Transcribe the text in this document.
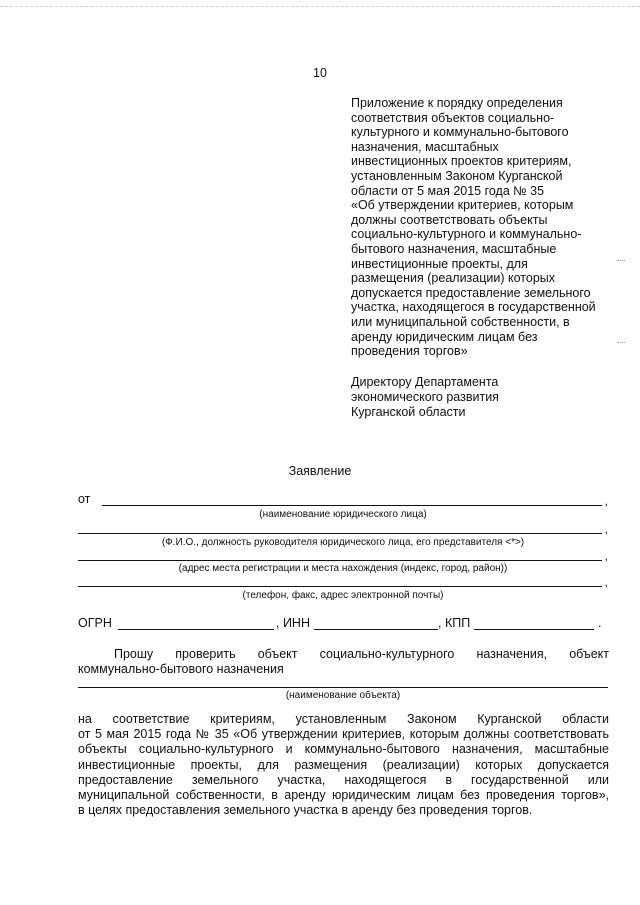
10
Приложение к порядку определения
соответствия объектов социально-
культурного и коммунально-бытового
назначения, масштабных
инвестиционных проектов критериям,
установленным Законом Курганской
области от 5 мая 2015 года № 35
«Об утверждении критериев, которым
должны соответствовать объекты
социально-культурного и коммунально-
бытового назначения, масштабные
инвестиционные проекты, для
размещения (реализации) которых
допускается предоставление земельного
участка, находящегося в государственной
или муниципальной собственности, в
аренду юридическим лицам без
проведения торгов»
Директору Департамента
экономического развития
Курганской области
Заявление
от	,
(наименование юридического лица)
,
(Ф.И.О., должность руководителя юридического лица, его представителя <*>)
,
(адрес места регистрации и места нахождения (индекс, город, район))
,
(телефон, факс, адрес электронной почты)
ОГРН	, ИНН	, КПП	.
Прошу проверить объект социально-культурного назначения, объект
коммунально-бытового назначения
(наименование объекта)
на соответствие критериям, установленным Законом Курганской области
от 5 мая 2015 года № 35 «Об утверждении критериев, которым должны соответствовать
объекты социально-культурного и коммунально-бытового назначения, масштабные
инвестиционные проекты, для размещения (реализации) которых допускается
предоставление земельного участка, находящегося в государственной или
муниципальной собственности, в аренду юридическим лицам без проведения торгов»,
в целях предоставления земельного участка в аренду без проведения торгов.
